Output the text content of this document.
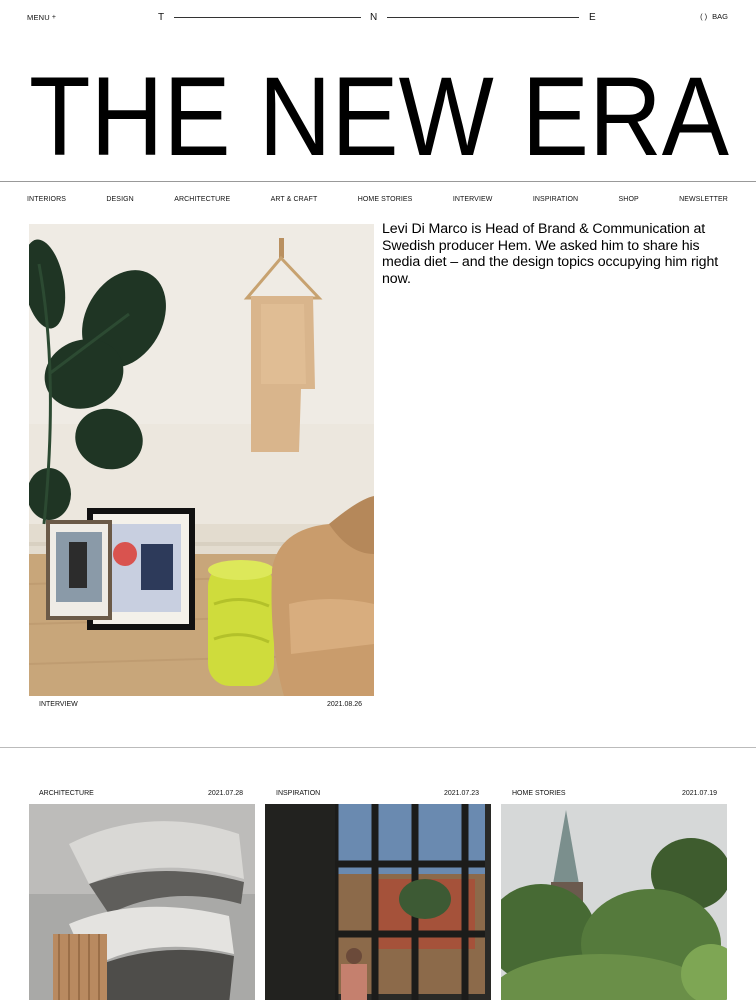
MENU +	T	N	E	( ) BAG
THE NEW ERA
INTERIORS	DESIGN	ARCHITECTURE	ART & CRAFT	HOME STORIES	INTERVIEW	INSPIRATION	SHOP	NEWSLETTER

Levi Di Marco is Head of Brand & Communication at Swedish producer Hem. We asked him to share his media diet – and the design topics occupying him right now.

INTERVIEW	2021.08.26
ARCHITECTURE	2021.07.28	INSPIRATION	2021.07.23	HOME STORIES	2021.07.19
